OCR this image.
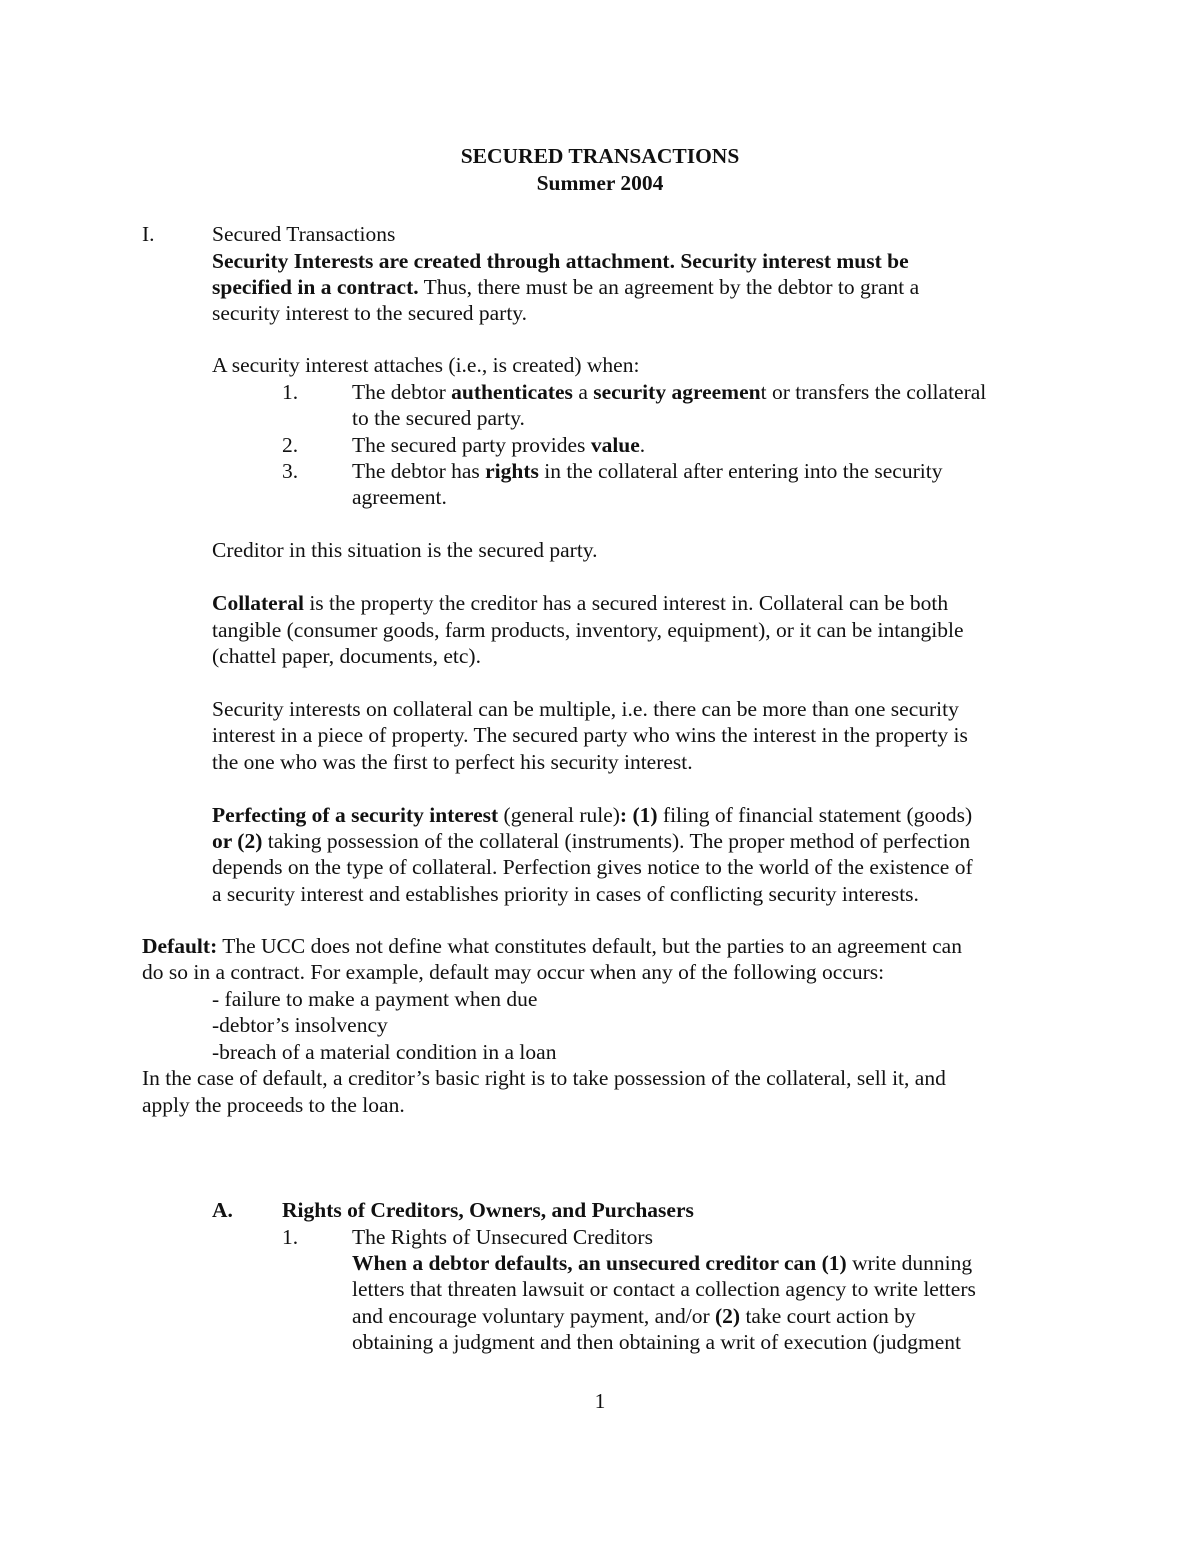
SECURED TRANSACTIONS
Summer 2004
I.	Secured Transactions
Security Interests are created through attachment. Security interest must be
specified in a contract. Thus, there must be an agreement by the debtor to grant a
security interest to the secured party.
A security interest attaches (i.e., is created) when:
1.	The debtor authenticates a security agreement or transfers the collateral
to the secured party.
2.	The secured party provides value.
3.	The debtor has rights in the collateral after entering into the security
agreement.
Creditor in this situation is the secured party.
Collateral is the property the creditor has a secured interest in. Collateral can be both
tangible (consumer goods, farm products, inventory, equipment), or it can be intangible
(chattel paper, documents, etc).
Security interests on collateral can be multiple, i.e. there can be more than one security
interest in a piece of property. The secured party who wins the interest in the property is
the one who was the first to perfect his security interest.
Perfecting of a security interest (general rule): (1) filing of financial statement (goods)
or (2) taking possession of the collateral (instruments). The proper method of perfection
depends on the type of collateral. Perfection gives notice to the world of the existence of
a security interest and establishes priority in cases of conflicting security interests.
Default: The UCC does not define what constitutes default, but the parties to an agreement can
do so in a contract. For example, default may occur when any of the following occurs:
- failure to make a payment when due
-debtor’s insolvency
-breach of a material condition in a loan
In the case of default, a creditor’s basic right is to take possession of the collateral, sell it, and
apply the proceeds to the loan.
A. Rights of Creditors, Owners, and Purchasers
1.	The Rights of Unsecured Creditors
When a debtor defaults, an unsecured creditor can (1) write dunning
letters that threaten lawsuit or contact a collection agency to write letters
and encourage voluntary payment, and/or (2) take court action by
obtaining a judgment and then obtaining a writ of execution (judgment
1
